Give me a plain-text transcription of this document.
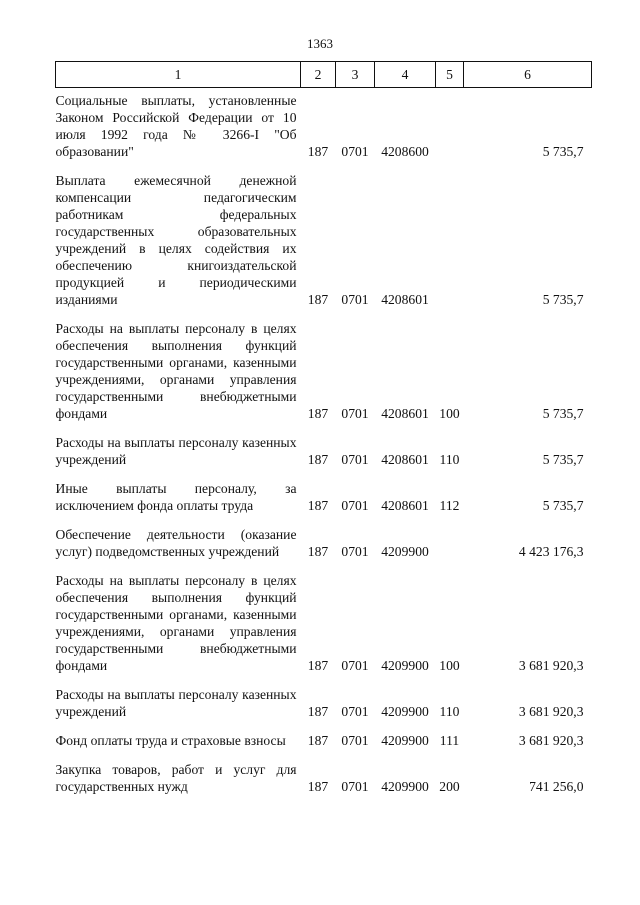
1363
1	2	3	4	5	6

Социальные выплаты, установленные Законом Российской Федерации от 10 июля 1992 года № 3266-I "Об образовании"	187	0701	4208600		5 735,7
Выплата ежемесячной денежной компенсации педагогическим работникам федеральных государственных образовательных учреждений в целях содействия их обеспечению книгоиздательской продукцией и периодическими изданиями	187	0701	4208601		5 735,7
Расходы на выплаты персоналу в целях обеспечения выполнения функций государственными органами, казенными учреждениями, органами управления государственными внебюджетными фондами	187	0701	4208601	100	5 735,7
Расходы на выплаты персоналу казенных учреждений	187	0701	4208601	110	5 735,7
Иные выплаты персоналу, за исключением фонда оплаты труда	187	0701	4208601	112	5 735,7
Обеспечение деятельности (оказание услуг) подведомственных учреждений	187	0701	4209900		4 423 176,3
Расходы на выплаты персоналу в целях обеспечения выполнения функций государственными органами, казенными учреждениями, органами управления государственными внебюджетными фондами	187	0701	4209900	100	3 681 920,3
Расходы на выплаты персоналу казенных учреждений	187	0701	4209900	110	3 681 920,3
Фонд оплаты труда и страховые взносы	187	0701	4209900	111	3 681 920,3
Закупка товаров, работ и услуг для государственных нужд	187	0701	4209900	200	741 256,0
